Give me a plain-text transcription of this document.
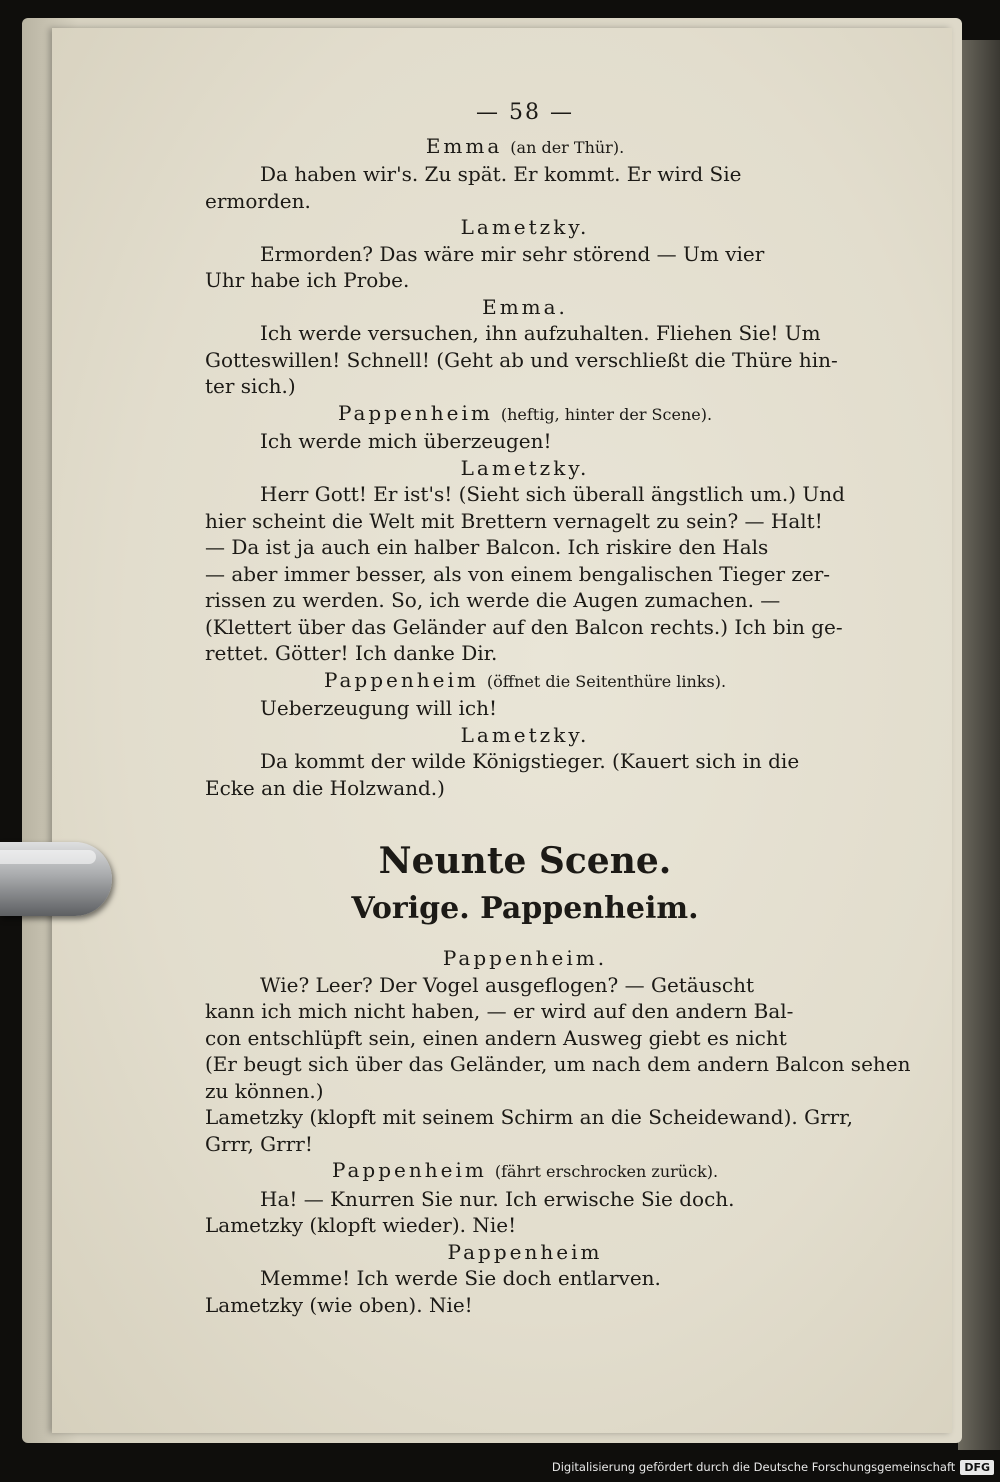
— 58 —
Emma (an der Thür).
Da haben wir's. Zu spät. Er kommt. Er wird Sie
ermorden.
Lametzky.
Ermorden? Das wäre mir sehr störend — Um vier
Uhr habe ich Probe.
Emma.
Ich werde versuchen, ihn aufzuhalten. Fliehen Sie! Um
Gotteswillen! Schnell! (Geht ab und verschließt die Thüre hin-
ter sich.)
Pappenheim (heftig, hinter der Scene).
Ich werde mich überzeugen!
Lametzky.
Herr Gott! Er ist's! (Sieht sich überall ängstlich um.) Und
hier scheint die Welt mit Brettern vernagelt zu sein? — Halt!
— Da ist ja auch ein halber Balcon. Ich riskire den Hals
— aber immer besser, als von einem bengalischen Tieger zer-
rissen zu werden. So, ich werde die Augen zumachen. —
(Klettert über das Geländer auf den Balcon rechts.) Ich bin ge-
rettet. Götter! Ich danke Dir.
Pappenheim (öffnet die Seitenthüre links).
Ueberzeugung will ich!
Lametzky.
Da kommt der wilde Königstieger. (Kauert sich in die
Ecke an die Holzwand.)
Neunte Scene.
Vorige. Pappenheim.
Pappenheim.
Wie? Leer? Der Vogel ausgeflogen? — Getäuscht
kann ich mich nicht haben, — er wird auf den andern Bal-
con entschlüpft sein, einen andern Ausweg giebt es nicht
(Er beugt sich über das Geländer, um nach dem andern Balcon sehen
zu können.)
Lametzky (klopft mit seinem Schirm an die Scheidewand). Grrr,
Grrr, Grrr!
Pappenheim (fährt erschrocken zurück).
Ha! — Knurren Sie nur. Ich erwische Sie doch.
Lametzky (klopft wieder). Nie!
Pappenheim
Memme! Ich werde Sie doch entlarven.
Lametzky (wie oben). Nie!
Digitalisierung gefördert durch die Deutsche Forschungsgemeinschaft DFG
